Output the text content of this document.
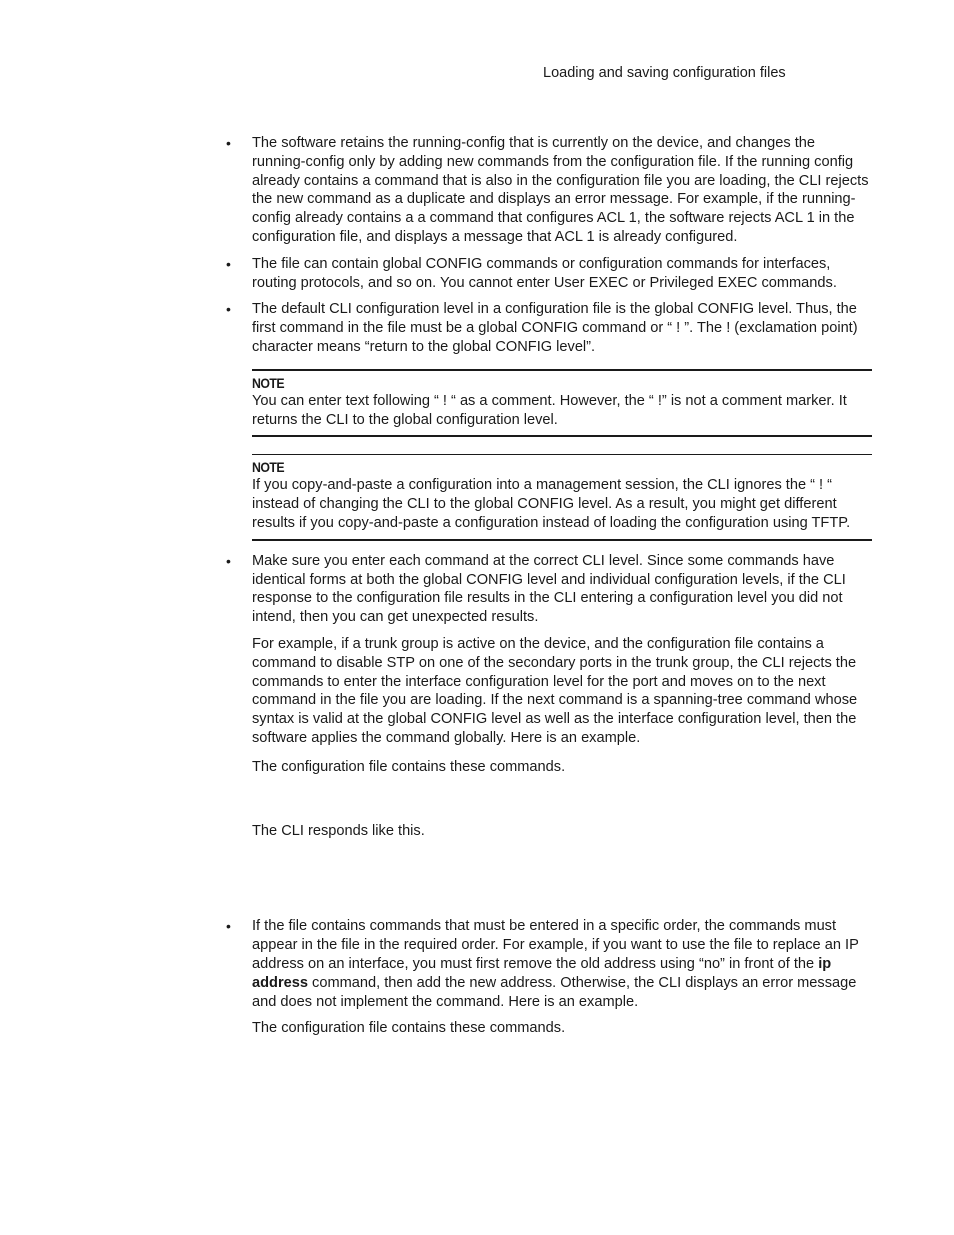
Loading and saving configuration files
• The software retains the running-config that is currently on the device, and changes the running-config only by adding new commands from the configuration file. If the running config already contains a command that is also in the configuration file you are loading, the CLI rejects the new command as a duplicate and displays an error message. For example, if the running-config already contains a a command that configures ACL 1, the software rejects ACL 1 in the configuration file, and displays a message that ACL 1 is already configured.

• The file can contain global CONFIG commands or configuration commands for interfaces, routing protocols, and so on. You cannot enter User EXEC or Privileged EXEC commands.

• The default CLI configuration level in a configuration file is the global CONFIG level. Thus, the first command in the file must be a global CONFIG command or “ ! ”. The ! (exclamation point) character means “return to the global CONFIG level”.

NOTE

You can enter text following “ ! “ as a comment. However, the “ !” is not a comment marker. It returns the CLI to the global configuration level.

NOTE

If you copy-and-paste a configuration into a management session, the CLI ignores the “ ! “ instead of changing the CLI to the global CONFIG level. As a result, you might get different results if you copy-and-paste a configuration instead of loading the configuration using TFTP.

• Make sure you enter each command at the correct CLI level. Since some commands have identical forms at both the global CONFIG level and individual configuration levels, if the CLI response to the configuration file results in the CLI entering a configuration level you did not intend, then you can get unexpected results.

For example, if a trunk group is active on the device, and the configuration file contains a command to disable STP on one of the secondary ports in the trunk group, the CLI rejects the commands to enter the interface configuration level for the port and moves on to the next command in the file you are loading. If the next command is a spanning-tree command whose syntax is valid at the global CONFIG level as well as the interface configuration level, then the software applies the command globally. Here is an example.

The configuration file contains these commands.

The CLI responds like this.

• If the file contains commands that must be entered in a specific order, the commands must appear in the file in the required order. For example, if you want to use the file to replace an IP address on an interface, you must first remove the old address using “no” in front of the ip address command, then add the new address. Otherwise, the CLI displays an error message and does not implement the command. Here is an example.

The configuration file contains these commands.
